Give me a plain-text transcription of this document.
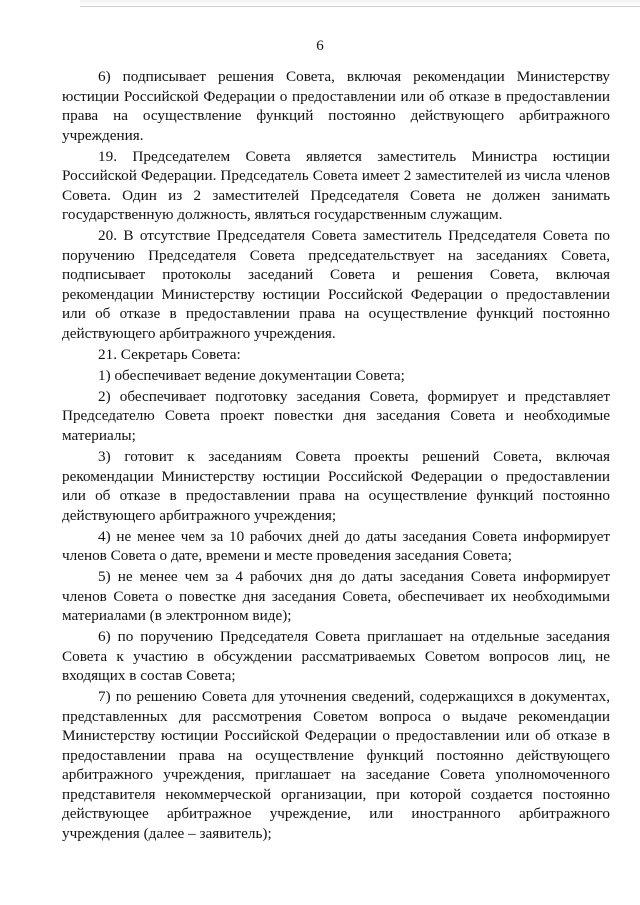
6

6) подписывает решения Совета, включая рекомендации Министерству юстиции Российской Федерации о предоставлении или об отказе в предоставлении права на осуществление функций постоянно действующего арбитражного учреждения.

19. Председателем Совета является заместитель Министра юстиции Российской Федерации. Председатель Совета имеет 2 заместителей из числа членов Совета. Один из 2 заместителей Председателя Совета не должен занимать государственную должность, являться государственным служащим.

20. В отсутствие Председателя Совета заместитель Председателя Совета по поручению Председателя Совета председательствует на заседаниях Совета, подписывает протоколы заседаний Совета и решения Совета, включая рекомендации Министерству юстиции Российской Федерации о предоставлении или об отказе в предоставлении права на осуществление функций постоянно действующего арбитражного учреждения.

21. Секретарь Совета:

1) обеспечивает ведение документации Совета;

2) обеспечивает подготовку заседания Совета, формирует и представляет Председателю Совета проект повестки дня заседания Совета и необходимые материалы;

3) готовит к заседаниям Совета проекты решений Совета, включая рекомендации Министерству юстиции Российской Федерации о предоставлении или об отказе в предоставлении права на осуществление функций постоянно действующего арбитражного учреждения;

4) не менее чем за 10 рабочих дней до даты заседания Совета информирует членов Совета о дате, времени и месте проведения заседания Совета;

5) не менее чем за 4 рабочих дня до даты заседания Совета информирует членов Совета о повестке дня заседания Совета, обеспечивает их необходимыми материалами (в электронном виде);

6) по поручению Председателя Совета приглашает на отдельные заседания Совета к участию в обсуждении рассматриваемых Советом вопросов лиц, не входящих в состав Совета;

7) по решению Совета для уточнения сведений, содержащихся в документах, представленных для рассмотрения Советом вопроса о выдаче рекомендации Министерству юстиции Российской Федерации о предоставлении или об отказе в предоставлении права на осуществление функций постоянно действующего арбитражного учреждения, приглашает на заседание Совета уполномоченного представителя некоммерческой организации, при которой создается постоянно действующее арбитражное учреждение, или иностранного арбитражного учреждения (далее – заявитель);
